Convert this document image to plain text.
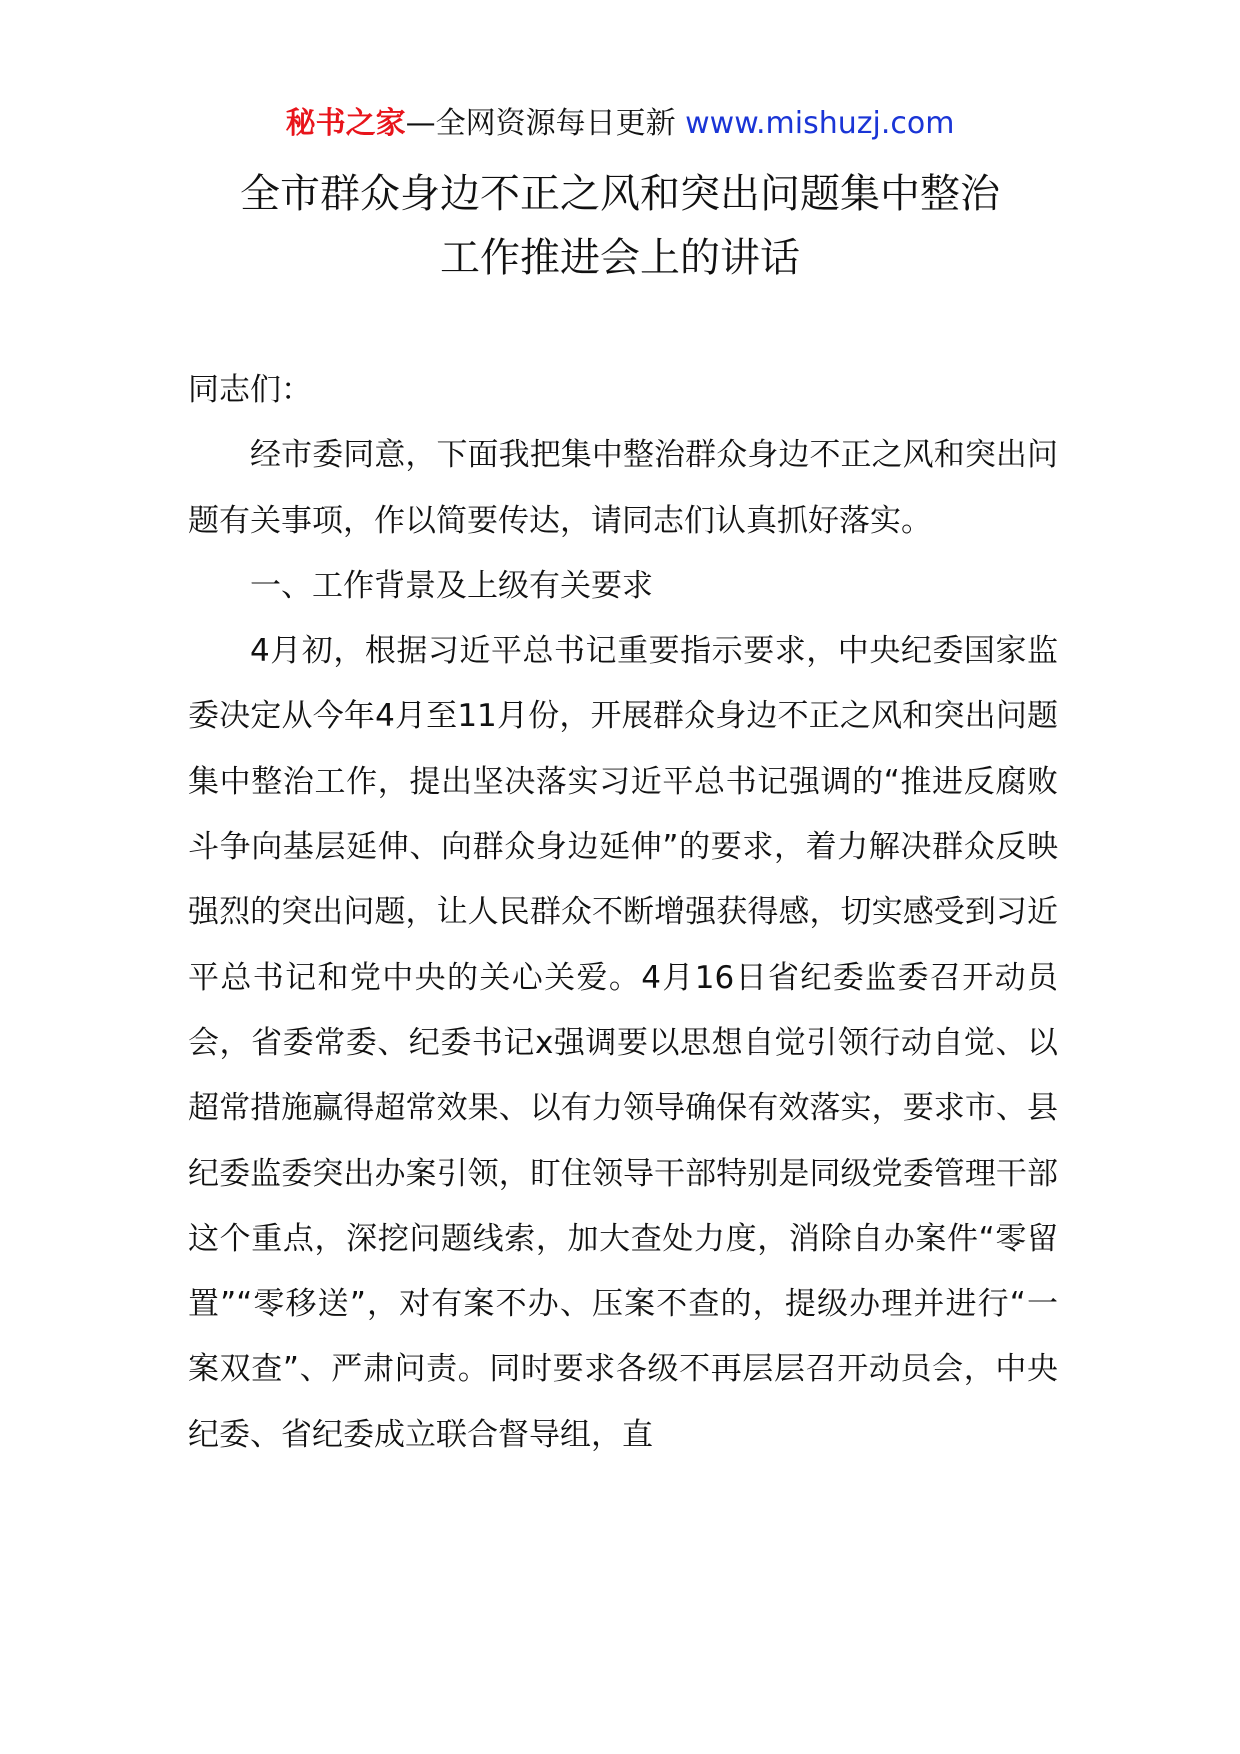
秘书之家—全网资源每日更新 www.mishuzj.com
全市群众身边不正之风和突出问题集中整治
工作推进会上的讲话

同志们：

经市委同意，下面我把集中整治群众身边不正之风和突出问题有关事项，作以简要传达，请同志们认真抓好落实。

一、工作背景及上级有关要求

4月初，根据习近平总书记重要指示要求，中央纪委国家监委决定从今年4月至11月份，开展群众身边不正之风和突出问题集中整治工作，提出坚决落实习近平总书记强调的“推进反腐败斗争向基层延伸、向群众身边延伸”的要求，着力解决群众反映强烈的突出问题，让人民群众不断增强获得感，切实感受到习近平总书记和党中央的关心关爱。4月16日省纪委监委召开动员会，省委常委、纪委书记x强调要以思想自觉引领行动自觉、以超常措施赢得超常效果、以有力领导确保有效落实，要求市、县纪委监委突出办案引领，盯住领导干部特别是同级党委管理干部这个重点，深挖问题线索，加大查处力度，消除自办案件“零留置”“零移送”，对有案不办、压案不查的，提级办理并进行“一案双查”、严肃问责。同时要求各级不再层层召开动员会，中央纪委、省纪委成立联合督导组，直
